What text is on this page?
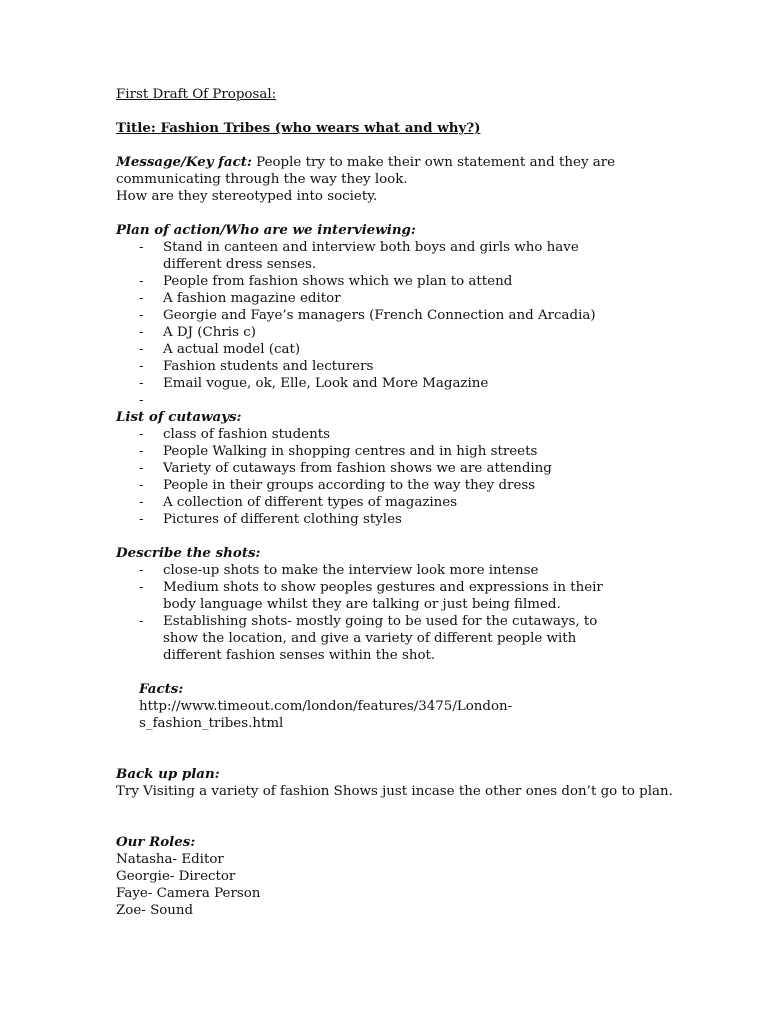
First Draft Of Proposal:

Title: Fashion Tribes (who wears what and why?)

Message/Key fact: People try to make their own statement and they are

communicating through the way they look.

How are they stereotyped into society.

Plan of action/Who are we interviewing:

-	Stand in canteen and interview both boys and girls who have different dress senses.
-	People from fashion shows which we plan to attend
-	A fashion magazine editor
-	Georgie and Faye’s managers (French Connection and Arcadia)
-	A DJ (Chris c)
-	A actual model (cat)
-	Fashion students and lecturers
-	Email vogue, ok, Elle, Look and More Magazine
-

List of cutaways:

-	class of fashion students
-	People Walking in shopping centres and in high streets
-	Variety of cutaways from fashion shows we are attending
-	People in their groups according to the way they dress
-	A collection of different types of magazines
-	Pictures of different clothing styles

Describe the shots:

-	close-up shots to make the interview look more intense
-	Medium shots to show peoples gestures and expressions in their body language whilst they are talking or just being filmed.
-	Establishing shots- mostly going to be used for the cutaways, to show the location, and give a variety of different people with different fashion senses within the shot.

Facts:

http://www.timeout.com/london/features/3475/London-

s_fashion_tribes.html

Back up plan:

Try Visiting a variety of fashion Shows just incase the other ones don’t go to plan.

Our Roles:

Natasha- Editor

Georgie- Director

Faye- Camera Person

Zoe- Sound
